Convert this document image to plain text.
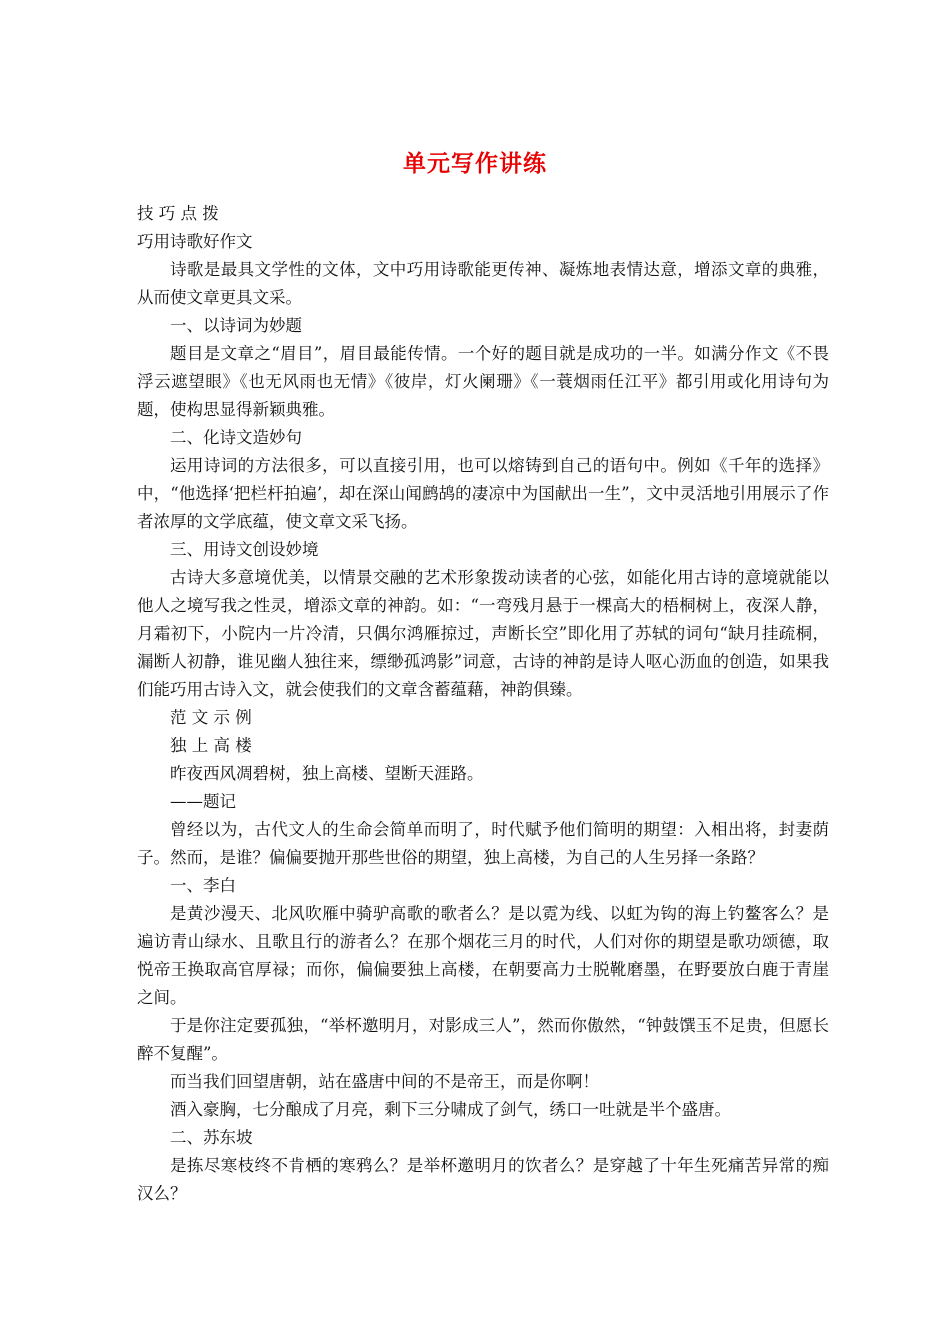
单元写作讲练

技 巧 点 拨

巧用诗歌好作文

诗歌是最具文学性的文体，文中巧用诗歌能更传神、凝炼地表情达意，增添文章的典雅，从而使文章更具文采。

一、以诗词为妙题

题目是文章之“眉目”，眉目最能传情。一个好的题目就是成功的一半。如满分作文《不畏浮云遮望眼》《也无风雨也无情》《彼岸，灯火阑珊》《一蓑烟雨任江平》都引用或化用诗句为题，使构思显得新颖典雅。

二、化诗文造妙句

运用诗词的方法很多，可以直接引用，也可以熔铸到自己的语句中。例如《千年的选择》中，“他选择‘把栏杆拍遍’，却在深山闻鹧鸪的凄凉中为国献出一生”，文中灵活地引用展示了作者浓厚的文学底蕴，使文章文采飞扬。

三、用诗文创设妙境

古诗大多意境优美，以情景交融的艺术形象拨动读者的心弦，如能化用古诗的意境就能以他人之境写我之性灵，增添文章的神韵。如：“一弯残月悬于一棵高大的梧桐树上，夜深人静，月霜初下，小院内一片冷清，只偶尔鸿雁掠过，声断长空”即化用了苏轼的词句“缺月挂疏桐，漏断人初静，谁见幽人独往来，缥缈孤鸿影”词意，古诗的神韵是诗人呕心沥血的创造，如果我们能巧用古诗入文，就会使我们的文章含蓄蕴藉，神韵俱臻。

范 文 示 例

独 上 高 楼

昨夜西风凋碧树，独上高楼、望断天涯路。

——题记

曾经以为，古代文人的生命会简单而明了，时代赋予他们简明的期望：入相出将，封妻荫子。然而，是谁？偏偏要抛开那些世俗的期望，独上高楼，为自己的人生另择一条路？

一、李白

是黄沙漫天、北风吹雁中骑驴高歌的歌者么？是以霓为线、以虹为钩的海上钓鳌客么？是遍访青山绿水、且歌且行的游者么？在那个烟花三月的时代，人们对你的期望是歌功颂德，取悦帝王换取高官厚禄；而你，偏偏要独上高楼，在朝要高力士脱靴磨墨，在野要放白鹿于青崖之间。

于是你注定要孤独，“举杯邀明月，对影成三人”，然而你傲然，“钟鼓馔玉不足贵，但愿长醉不复醒”。

而当我们回望唐朝，站在盛唐中间的不是帝王，而是你啊！

酒入豪胸，七分酿成了月亮，剩下三分啸成了剑气，绣口一吐就是半个盛唐。

二、苏东坡

是拣尽寒枝终不肯栖的寒鸦么？是举杯邀明月的饮者么？是穿越了十年生死痛苦异常的痴汉么？
